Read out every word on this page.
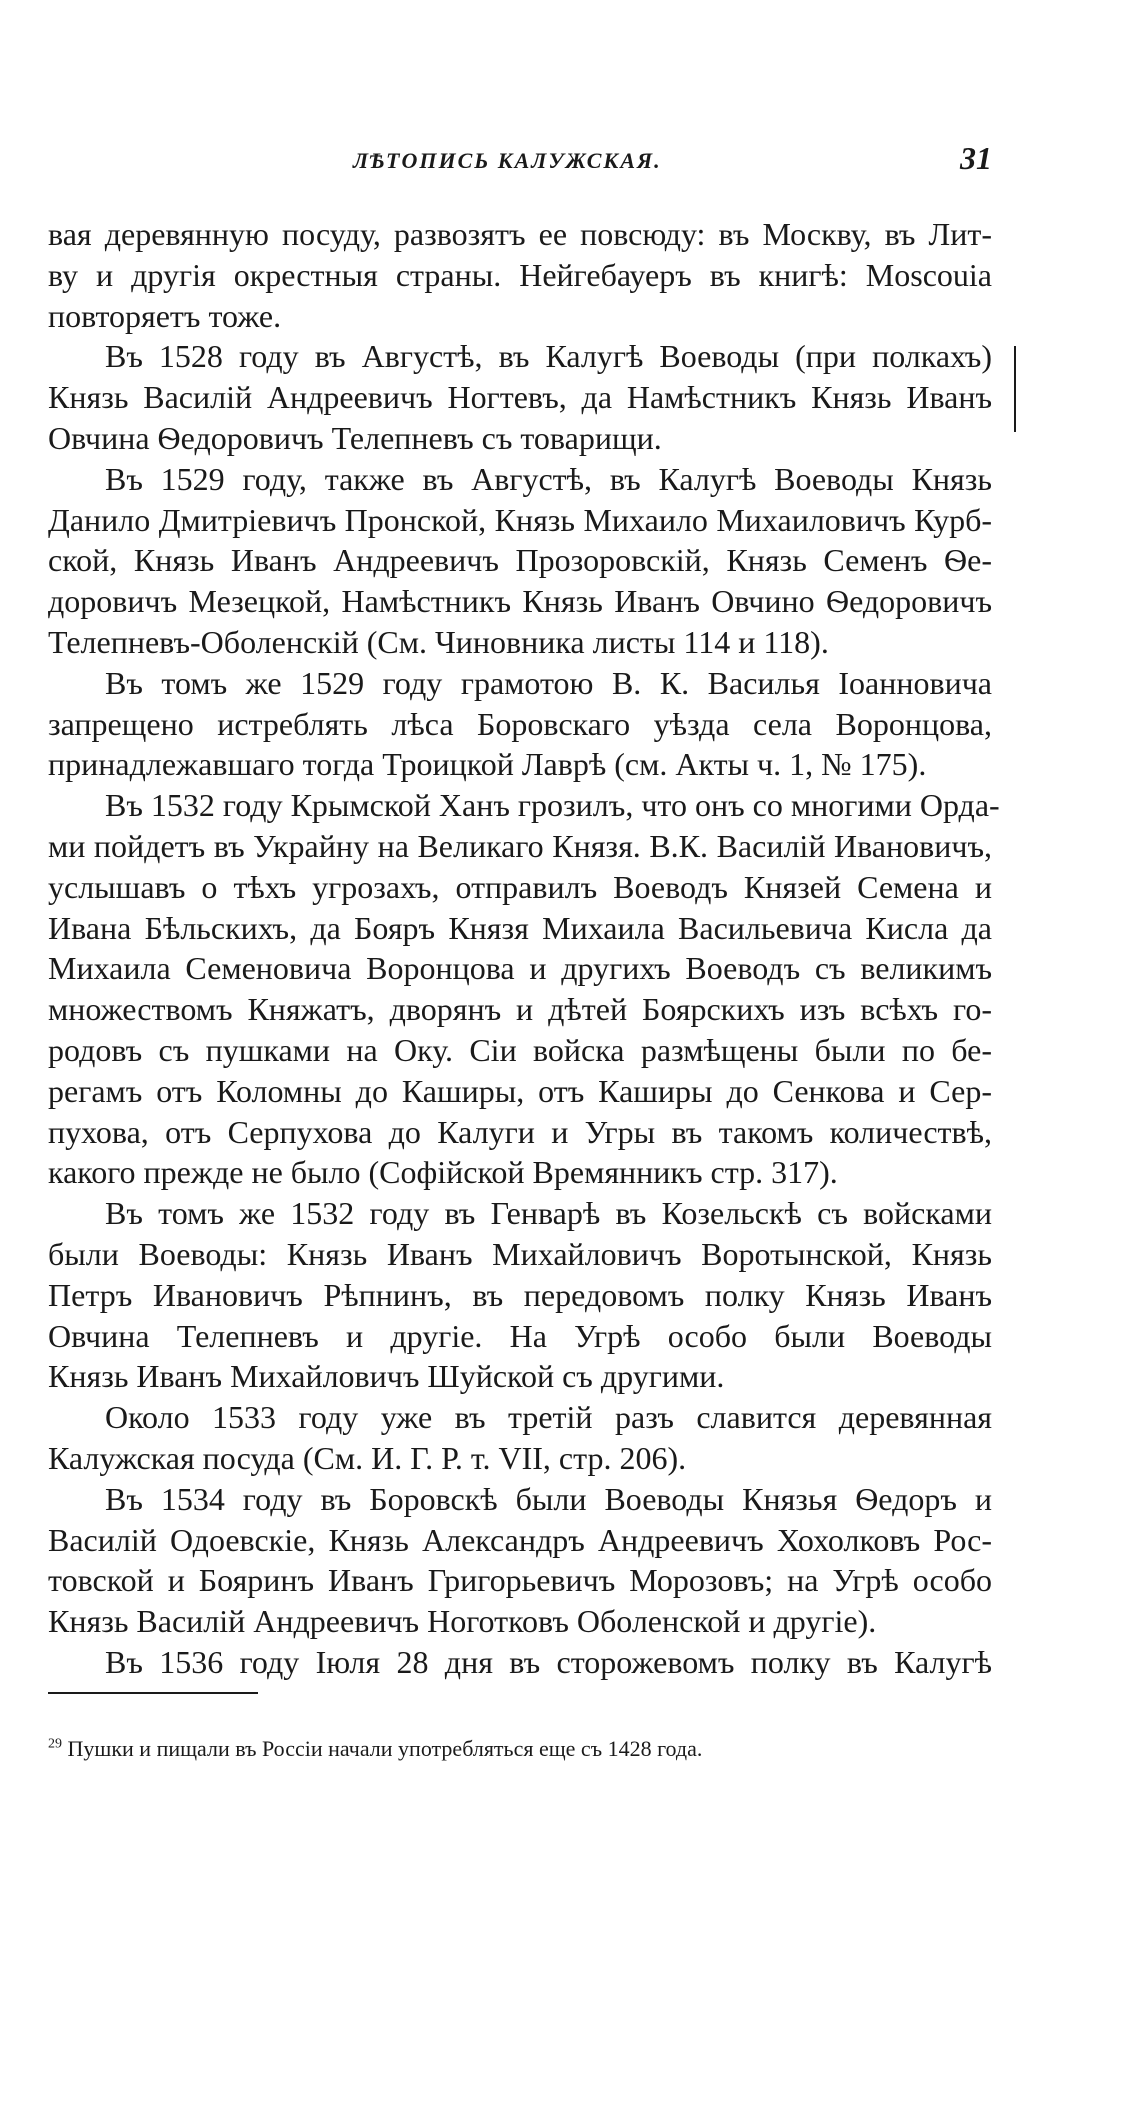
ЛѢТОПИСЬ КАЛУЖСКАЯ.	31
вая деревянную посуду, развозятъ ее повсюду: въ Москву, въ Лит-
ву и другія окрестныя страны. Нейгебауеръ въ книгѣ: Moscouia
повторяетъ тоже.
Въ 1528 году въ Августѣ, въ Калугѣ Воеводы (при полкахъ)
Князь Василій Андреевичъ Ногтевъ, да Намѣстникъ Князь Иванъ
Овчина Ѳедоровичъ Телепневъ съ товарищи.
Въ 1529 году, также въ Августѣ, въ Калугѣ Воеводы Князь
Данило Дмитріевичъ Пронской, Князь Михаило Михаиловичъ Курб-
ской, Князь Иванъ Андреевичъ Прозоровскій, Князь Семенъ Ѳе-
доровичъ Мезецкой, Намѣстникъ Князь Иванъ Овчино Ѳедоровичъ
Телепневъ-Оболенскій (См. Чиновника листы 114 и 118).
Въ томъ же 1529 году грамотою В. К. Василья Іоанновича
запрещено истреблять лѣса Боровскаго уѣзда села Воронцова,
принадлежавшаго тогда Троицкой Лаврѣ (см. Акты ч. 1, № 175).
Въ 1532 году Крымской Ханъ грозилъ, что онъ со многими Орда-
ми пойдетъ въ Украйну на Великаго Князя. В.К. Василій Ивановичъ,
услышавъ о тѣхъ угрозахъ, отправилъ Воеводъ Князей Семена и
Ивана Бѣльскихъ, да Бояръ Князя Михаила Васильевича Кисла да
Михаила Семеновича Воронцова и другихъ Воеводъ съ великимъ
множествомъ Княжатъ, дворянъ и дѣтей Боярскихъ изъ всѣхъ го-
родовъ съ пушками на Оку. Сіи войска размѣщены были по бе-
регамъ отъ Коломны до Каширы, отъ Каширы до Сенкова и Сер-
пухова, отъ Серпухова до Калуги и Угры въ такомъ количествѣ,
какого прежде не было (Софійской Времянникъ стр. 317).
Въ томъ же 1532 году въ Генварѣ въ Козельскѣ съ войсками
были Воеводы: Князь Иванъ Михайловичъ Воротынской, Князь
Петръ Ивановичъ Рѣпнинъ, въ передовомъ полку Князь Иванъ
Овчина Телепневъ и другіе. На Угрѣ особо были Воеводы
Князь Иванъ Михайловичъ Шуйской съ другими.
Около 1533 году уже въ третій разъ славится деревянная
Калужская посуда (См. И. Г. Р. т. VII, стр. 206).
Въ 1534 году въ Боровскѣ были Воеводы Князья Ѳедоръ и
Василій Одоевскіе, Князь Александръ Андреевичъ Хохолковъ Рос-
товской и Бояринъ Иванъ Григорьевичъ Морозовъ; на Угрѣ особо
Князь Василій Андреевичъ Ноготковъ Оболенской и другіе).
Въ 1536 году Іюля 28 дня въ сторожевомъ полку въ Калугѣ
$^{29}$ Пушки и пищали въ Россіи начали употребляться еще съ 1428 года.
